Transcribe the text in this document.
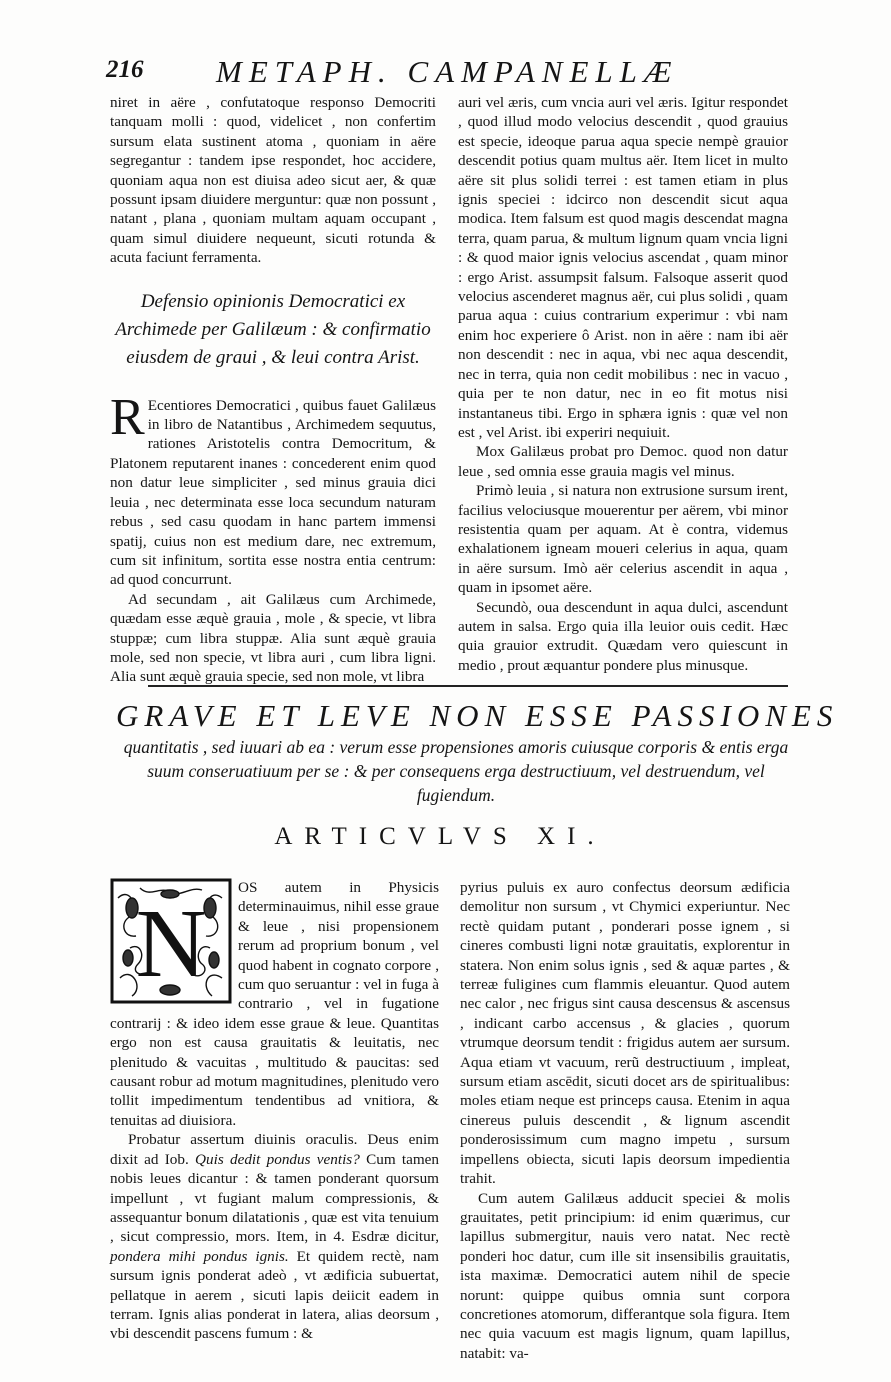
216 METAPH. CAMPANELLÆ

niret in aëre , confutatoque responso Democriti tanquam molli : quod, videlicet , non confertim sursum elata sustinent atoma , quoniam in aëre segregantur : tandem ipse respondet, hoc accidere, quoniam aqua non est diuisa adeo sicut aer, & quæ possunt ipsam diuidere merguntur: quæ non possunt , natant , plana , quoniam multam aquam occupant , quam simul diuidere nequeunt, sicuti rotunda & acuta faciunt ferramenta.

Defensio opinionis Democratici ex Archimede per Galilæum : & confirmatio eiusdem de graui , & leui contra Arist.

R Ecentiores Democratici , quibus fauet Galilæus in libro de Natantibus , Archimedem sequutus, rationes Aristotelis contra Democritum, & Platonem reputarent inanes : concederent enim quod non datur leue simpliciter , sed minus grauia dici leuia , nec determinata esse loca secundum naturam rebus , sed casu quodam in hanc partem immensi spatij, cuius non est medium dare, nec extremum, cum sit infinitum, sortita esse nostra entia centrum: ad quod concurrunt.

Ad secundam , ait Galilæus cum Archimede, quædam esse æquè grauia , mole , & specie, vt libra stuppæ; cum libra stuppæ. Alia sunt æquè grauia mole, sed non specie, vt libra auri , cum libra ligni. Alia sunt æquè grauia specie, sed non mole, vt libra

auri vel æris, cum vncia auri vel æris. Igitur respondet , quod illud modo velocius descendit , quod grauius est specie, ideoque parua aqua specie nempè grauior descendit potius quam multus aër. Item licet in multo aëre sit plus solidi terrei : est tamen etiam in plus ignis speciei : idcirco non descendit sicut aqua modica. Item falsum est quod magis descendat magna terra, quam parua, & multum lignum quam vncia ligni : & quod maior ignis velocius ascendat , quam minor : ergo Arist. assumpsit falsum. Falsoque asserit quod velocius ascenderet magnus aër, cui plus solidi , quam parua aqua : cuius contrarium experimur : vbi nam enim hoc experiere ô Arist. non in aëre : nam ibi aër non descendit : nec in aqua, vbi nec aqua descendit, nec in terra, quia non cedit mobilibus : nec in vacuo , quia per te non datur, nec in eo fit motus nisi instantaneus tibi. Ergo in sphæra ignis : quæ vel non est , vel Arist. ibi experiri nequiuit.

Mox Galilæus probat pro Democ. quod non datur leue , sed omnia esse grauia magis vel minus.

Primò leuia , si natura non extrusione sursum irent, facilius velociusque mouerentur per aërem, vbi minor resistentia quam per aquam. At è contra, videmus exhalationem igneam moueri celerius in aqua, quam in aëre sursum. Imò aër celerius ascendit in aqua , quam in ipsomet aëre.

Secundò, oua descendunt in aqua dulci, ascendunt autem in salsa. Ergo quia illa leuior ouis cedit. Hæc quia grauior extrudit. Quædam vero quiescunt in medio , prout æquantur pondere plus minusque.

GRAVE ET LEVE NON ESSE PASSIONES
quantitatis , sed iuuari ab ea : verum esse propensiones amoris cuiusque corporis & entis erga suum conseruatiuum per se : & per consequens erga destructiuum, vel destruendum, vel fugiendum.
ARTICVLVS XI.

N
OS autem in Physicis determinauimus, nihil esse graue & leue , nisi propensionem rerum ad proprium bonum , vel quod habent in cognato corpore , cum quo seruantur : vel in fuga à contrario , vel in fugatione contrarij : & ideo idem esse graue & leue. Quantitas ergo non est causa grauitatis & leuitatis, nec plenitudo & vacuitas , multitudo & paucitas: sed causant robur ad motum magnitudines, plenitudo vero tollit impedimentum tendentibus ad vnitiora, & tenuitas ad diuisiora.

Probatur assertum diuinis oraculis. Deus enim dixit ad Iob. Quis dedit pondus ventis? Cum tamen nobis leues dicantur : & tamen ponderant quorsum impellunt , vt fugiant malum compressionis, & assequantur bonum dilatationis , quæ est vita tenuium , sicut compressio, mors. Item, in 4. Esdræ dicitur, pondera mihi pondus ignis. Et quidem rectè, nam sursum ignis ponderat adeò , vt ædificia subuertat, pellatque in aerem , sicuti lapis deiicit eadem in terram. Ignis alias ponderat in latera, alias deorsum , vbi descendit pascens fumum : &

pyrius puluis ex auro confectus deorsum ædificia demolitur non sursum , vt Chymici experiuntur. Nec rectè quidam putant , ponderari posse ignem , si cineres combusti ligni notæ grauitatis, explorentur in statera. Non enim solus ignis , sed & aquæ partes , & terreæ fuligines cum flammis eleuantur. Quod autem nec calor , nec frigus sint causa descensus & ascensus , indicant carbo accensus , & glacies , quorum vtrumque deorsum tendit : frigidus autem aer sursum. Aqua etiam vt vacuum, rerũ destructiuum , impleat, sursum etiam ascēdit, sicuti docet ars de spiritualibus: moles etiam neque est princeps causa. Etenim in aqua cinereus puluis descendit , & lignum ascendit ponderosissimum cum magno impetu , sursum impellens obiecta, sicuti lapis deorsum impedientia trahit.

Cum autem Galilæus adducit speciei & molis grauitates, petit principium: id enim quærimus, cur lapillus submergitur, nauis vero natat. Nec rectè ponderi hoc datur, cum ille sit insensibilis grauitatis, ista maximæ. Democratici autem nihil de specie norunt: quippe quibus omnia sunt corpora concretiones atomorum, differantque sola figura. Item nec quia vacuum est magis lignum, quam lapillus, natabit: va-
